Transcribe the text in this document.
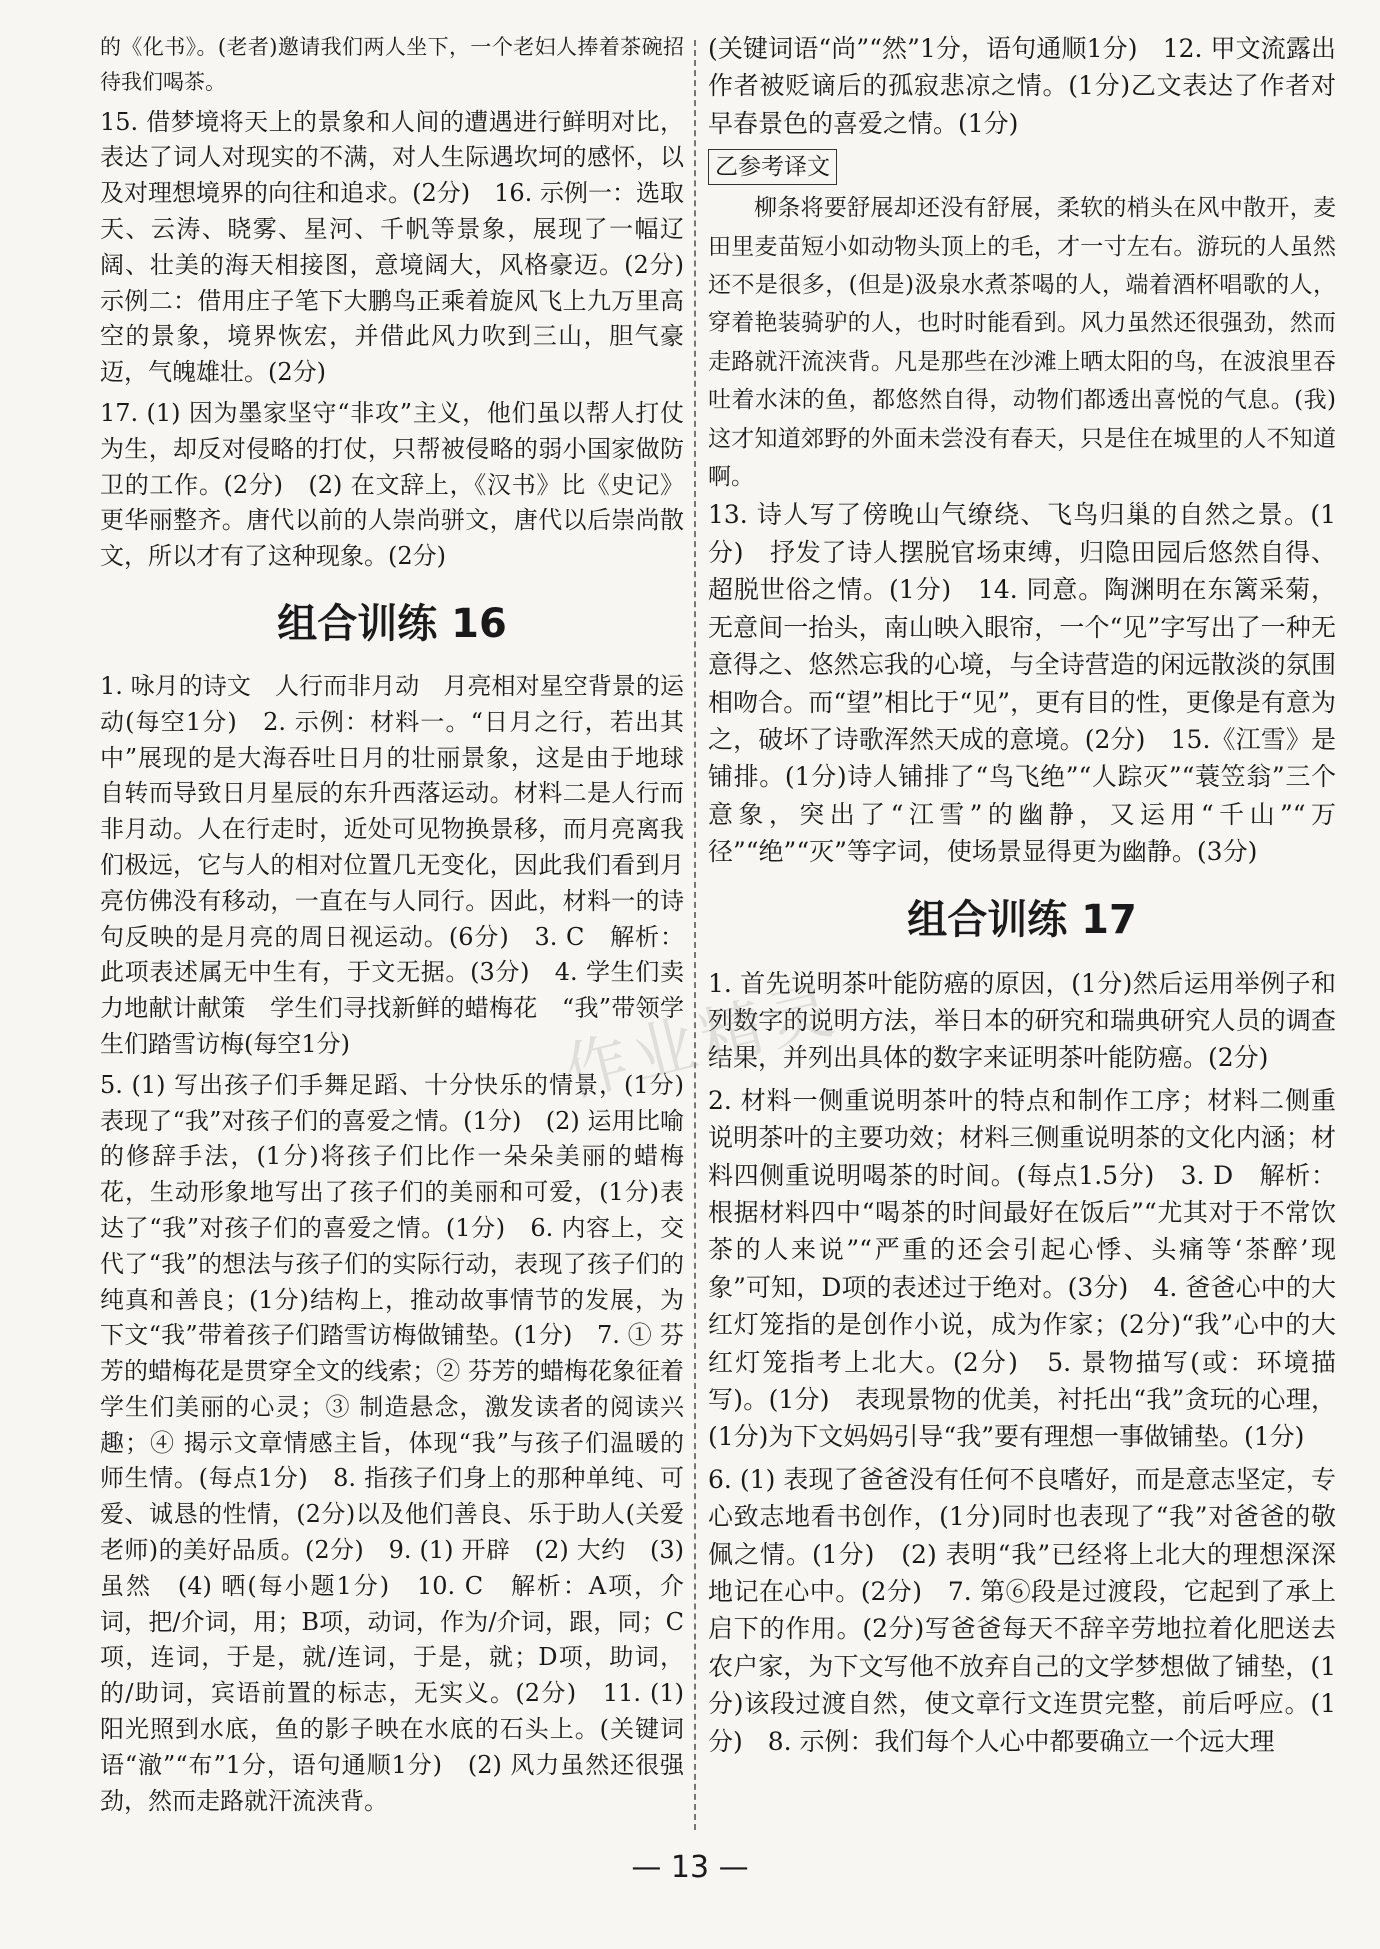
的《化书》。(老者)邀请我们两人坐下，一个老妇人捧着茶碗招待我们喝茶。

15. 借梦境将天上的景象和人间的遭遇进行鲜明对比，表达了词人对现实的不满，对人生际遇坎坷的感怀，以及对理想境界的向往和追求。(2分)　16. 示例一：选取天、云涛、晓雾、星河、千帆等景象，展现了一幅辽阔、壮美的海天相接图，意境阔大，风格豪迈。(2分)　示例二：借用庄子笔下大鹏鸟正乘着旋风飞上九万里高空的景象，境界恢宏，并借此风力吹到三山，胆气豪迈，气魄雄壮。(2分)

17. (1) 因为墨家坚守“非攻”主义，他们虽以帮人打仗为生，却反对侵略的打仗，只帮被侵略的弱小国家做防卫的工作。(2分)　(2) 在文辞上，《汉书》比《史记》更华丽整齐。唐代以前的人崇尚骈文，唐代以后崇尚散文，所以才有了这种现象。(2分)

组合训练 16

1. 咏月的诗文　人行而非月动　月亮相对星空背景的运动(每空1分)　2. 示例：材料一。“日月之行，若出其中”展现的是大海吞吐日月的壮丽景象，这是由于地球自转而导致日月星辰的东升西落运动。材料二是人行而非月动。人在行走时，近处可见物换景移，而月亮离我们极远，它与人的相对位置几无变化，因此我们看到月亮仿佛没有移动，一直在与人同行。因此，材料一的诗句反映的是月亮的周日视运动。(6分)　3. C　解析：此项表述属无中生有，于文无据。(3分)　4. 学生们卖力地献计献策　学生们寻找新鲜的蜡梅花　“我”带领学生们踏雪访梅(每空1分)

5. (1) 写出孩子们手舞足蹈、十分快乐的情景，(1分)表现了“我”对孩子们的喜爱之情。(1分)　(2) 运用比喻的修辞手法，(1分)将孩子们比作一朵朵美丽的蜡梅花，生动形象地写出了孩子们的美丽和可爱，(1分)表达了“我”对孩子们的喜爱之情。(1分)　6. 内容上，交代了“我”的想法与孩子们的实际行动，表现了孩子们的纯真和善良；(1分)结构上，推动故事情节的发展，为下文“我”带着孩子们踏雪访梅做铺垫。(1分)　7. ① 芬芳的蜡梅花是贯穿全文的线索；② 芬芳的蜡梅花象征着学生们美丽的心灵；③ 制造悬念，激发读者的阅读兴趣；④ 揭示文章情感主旨，体现“我”与孩子们温暖的师生情。(每点1分)　8. 指孩子们身上的那种单纯、可爱、诚恳的性情，(2分)以及他们善良、乐于助人(关爱老师)的美好品质。(2分)　9. (1) 开辟　(2) 大约　(3) 虽然　(4) 晒(每小题1分)　10. C　解析：A项，介词，把/介词，用；B项，动词，作为/介词，跟，同；C项，连词，于是，就/连词，于是，就；D项，助词，的/助词，宾语前置的标志，无实义。(2分)　11. (1) 阳光照到水底，鱼的影子映在水底的石头上。(关键词语“澈”“布”1分，语句通顺1分)　(2) 风力虽然还很强劲，然而走路就汗流浃背。

(关键词语“尚”“然”1分，语句通顺1分)　12. 甲文流露出作者被贬谪后的孤寂悲凉之情。(1分)乙文表达了作者对早春景色的喜爱之情。(1分)

乙参考译文

柳条将要舒展却还没有舒展，柔软的梢头在风中散开，麦田里麦苗短小如动物头顶上的毛，才一寸左右。游玩的人虽然还不是很多，(但是)汲泉水煮茶喝的人，端着酒杯唱歌的人，穿着艳装骑驴的人，也时时能看到。风力虽然还很强劲，然而走路就汗流浃背。凡是那些在沙滩上晒太阳的鸟，在波浪里吞吐着水沫的鱼，都悠然自得，动物们都透出喜悦的气息。(我)这才知道郊野的外面未尝没有春天，只是住在城里的人不知道啊。

13. 诗人写了傍晚山气缭绕、飞鸟归巢的自然之景。(1分)　抒发了诗人摆脱官场束缚，归隐田园后悠然自得、超脱世俗之情。(1分)　14. 同意。陶渊明在东篱采菊，无意间一抬头，南山映入眼帘，一个“见”字写出了一种无意得之、悠然忘我的心境，与全诗营造的闲远散淡的氛围相吻合。而“望”相比于“见”，更有目的性，更像是有意为之，破坏了诗歌浑然天成的意境。(2分)　15.《江雪》是铺排。(1分)诗人铺排了“鸟飞绝”“人踪灭”“蓑笠翁”三个意象，突出了“江雪”的幽静，又运用“千山”“万径”“绝”“灭”等字词，使场景显得更为幽静。(3分)

组合训练 17

1. 首先说明茶叶能防癌的原因，(1分)然后运用举例子和列数字的说明方法，举日本的研究和瑞典研究人员的调查结果，并列出具体的数字来证明茶叶能防癌。(2分)

2. 材料一侧重说明茶叶的特点和制作工序；材料二侧重说明茶叶的主要功效；材料三侧重说明茶的文化内涵；材料四侧重说明喝茶的时间。(每点1.5分)　3. D　解析：根据材料四中“喝茶的时间最好在饭后”“尤其对于不常饮茶的人来说”“严重的还会引起心悸、头痛等‘茶醉’现象”可知，D项的表述过于绝对。(3分)　4. 爸爸心中的大红灯笼指的是创作小说，成为作家；(2分)“我”心中的大红灯笼指考上北大。(2分)　5. 景物描写(或：环境描写)。(1分)　表现景物的优美，衬托出“我”贪玩的心理，(1分)为下文妈妈引导“我”要有理想一事做铺垫。(1分)

6. (1) 表现了爸爸没有任何不良嗜好，而是意志坚定，专心致志地看书创作，(1分)同时也表现了“我”对爸爸的敬佩之情。(1分)　(2) 表明“我”已经将上北大的理想深深地记在心中。(2分)　7. 第⑥段是过渡段，它起到了承上启下的作用。(2分)写爸爸每天不辞辛劳地拉着化肥送去农户家，为下文写他不放弃自己的文学梦想做了铺垫，(1分)该段过渡自然，使文章行文连贯完整，前后呼应。(1分)　8. 示例：我们每个人心中都要确立一个远大理

作业精灵
— 13 —
